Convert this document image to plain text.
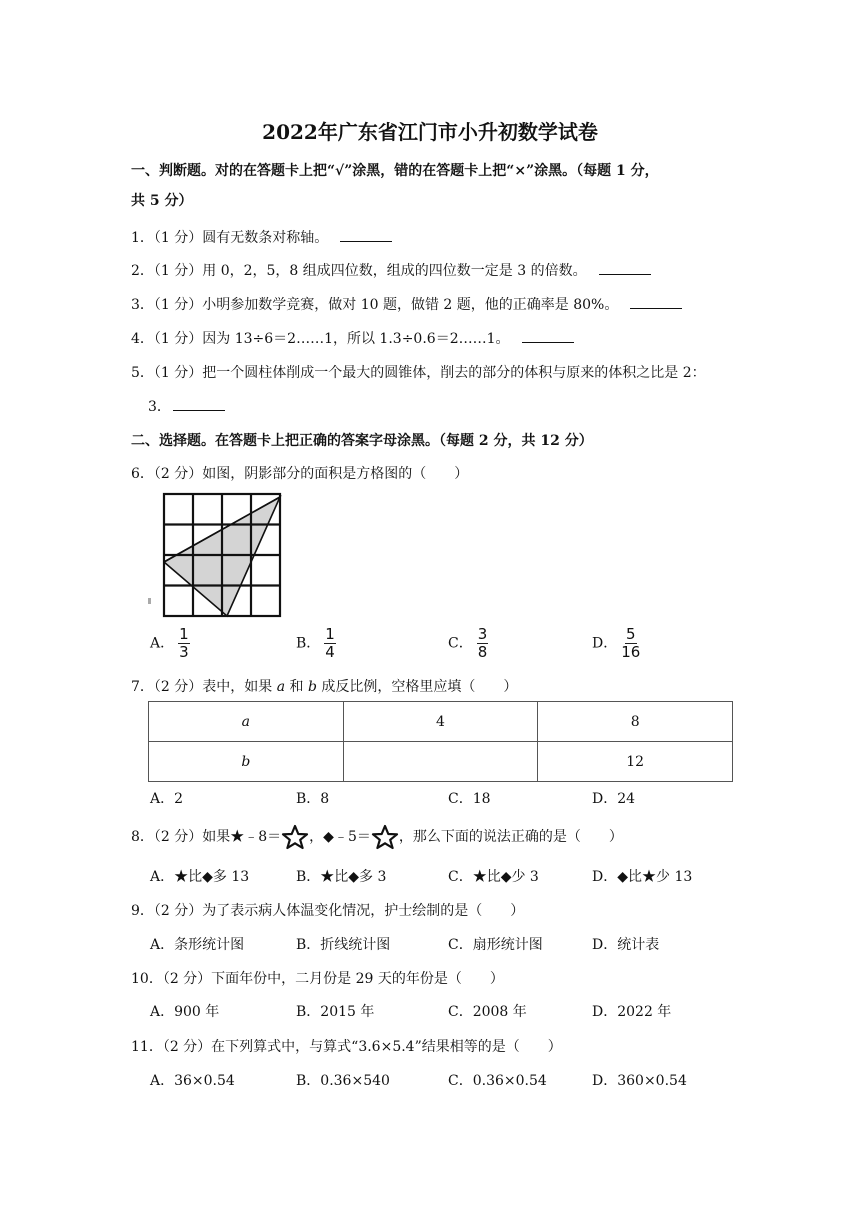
2022年广东省江门市小升初数学试卷
一、判断题。对的在答题卡上把“√”涂黑，错的在答题卡上把“×”涂黑。（每题 1 分，
共 5 分）
1．（1 分）圆有无数条对称轴。
2．（1 分）用 0，2，5，8 组成四位数，组成的四位数一定是 3 的倍数。
3．（1 分）小明参加数学竞赛，做对 10 题，做错 2 题，他的正确率是 80%。
4．（1 分）因为 13÷6＝2……1，所以 1.3÷0.6＝2……1。
5．（1 分）把一个圆柱体削成一个最大的圆锥体，削去的部分的体积与原来的体积之比是 2：
3．
二、选择题。在答题卡上把正确的答案字母涂黑。（每题 2 分，共 12 分）
6．（2 分）如图，阴影部分的面积是方格图的（　　）
A． $\frac{1}{3}$	B． $\frac{1}{4}$	C． $\frac{3}{8}$	D． $\frac{5}{16}$
7．（2 分）表中，如果 a 和 b 成反比例，空格里应填（　　）
a	4	8
b		12
A．2	B．8	C．18	D．24
8．（2 分）如果★﹣8＝ ，◆﹣5＝ ，那么下面的说法正确的是（　　）
A．★比◆多 13	B．★比◆多 3	C．★比◆少 3	D．◆比★少 13
9．（2 分）为了表示病人体温变化情况，护士绘制的是（　　）
A．条形统计图	B．折线统计图	C．扇形统计图	D．统计表
10．（2 分）下面年份中，二月份是 29 天的年份是（　　）
A．900 年	B．2015 年	C．2008 年	D．2022 年
11．（2 分）在下列算式中，与算式“3.6×5.4”结果相等的是（　　）
A．36×0.54	B．0.36×540	C．0.36×0.54	D．360×0.54
